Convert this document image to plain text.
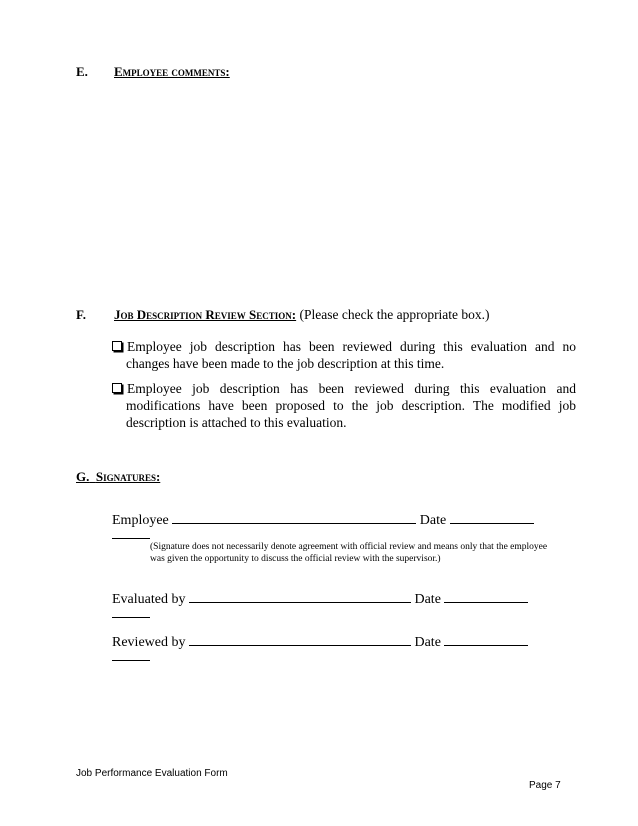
E. Employee comments:
F. Job Description Review Section: (Please check the appropriate box.)
Employee job description has been reviewed during this evaluation and no changes have been made to the job description at this time.
Employee job description has been reviewed during this evaluation and modifications have been proposed to the job description. The modified job description is attached to this evaluation.
G. Signatures:
Employee	Date
(Signature does not necessarily denote agreement with official review and means only that the employee was given the opportunity to discuss the official review with the supervisor.)
Evaluated by	Date
Reviewed by	Date
Job Performance Evaluation Form
Page 7
